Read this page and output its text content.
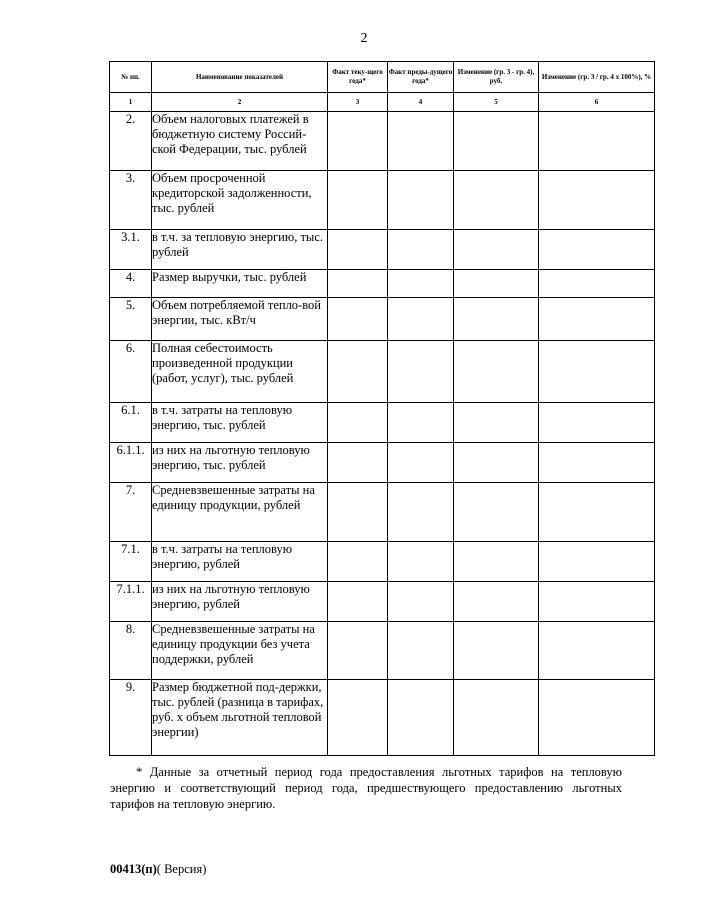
2
№ пп.	Наименование показателей	Факт теку-щего года*	Факт преды-дущего года*	Изменение (гр. 3 - гр. 4), руб.	Изменение (гр. 3 / гр. 4 х 100%), %
1	2	3	4	5	6
2.	Объем налоговых платежей в бюджетную систему Россий-ской Федерации, тыс. рублей				
3.	Объем просроченной кредиторской задолженности, тыс. рублей				
3.1.	в т.ч. за тепловую энергию, тыс. рублей				
4.	Размер выручки, тыс. рублей				
5.	Объем потребляемой тепло-вой энергии, тыс. кВт/ч				
6.	Полная себестоимость произведенной продукции (работ, услуг), тыс. рублей				
6.1.	в т.ч. затраты на тепловую энергию, тыс. рублей				
6.1.1.	из них на льготную тепловую энергию, тыс. рублей				
7.	Средневзвешенные затраты на единицу продукции, рублей				
7.1.	в т.ч. затраты на тепловую энергию, рублей				
7.1.1.	из них на льготную тепловую энергию, рублей				
8.	Средневзвешенные затраты на единицу продукции без учета поддержки, рублей				
9.	Размер бюджетной под-держки, тыс. рублей (разница в тарифах, руб. х объем льготной тепловой энергии)				
* Данные за отчетный период года предоставления льготных тарифов на тепловую энергию и соответствующий период года, предшествующего предоставлению льготных тарифов на тепловую энергию.
00413(п)( Версия)
